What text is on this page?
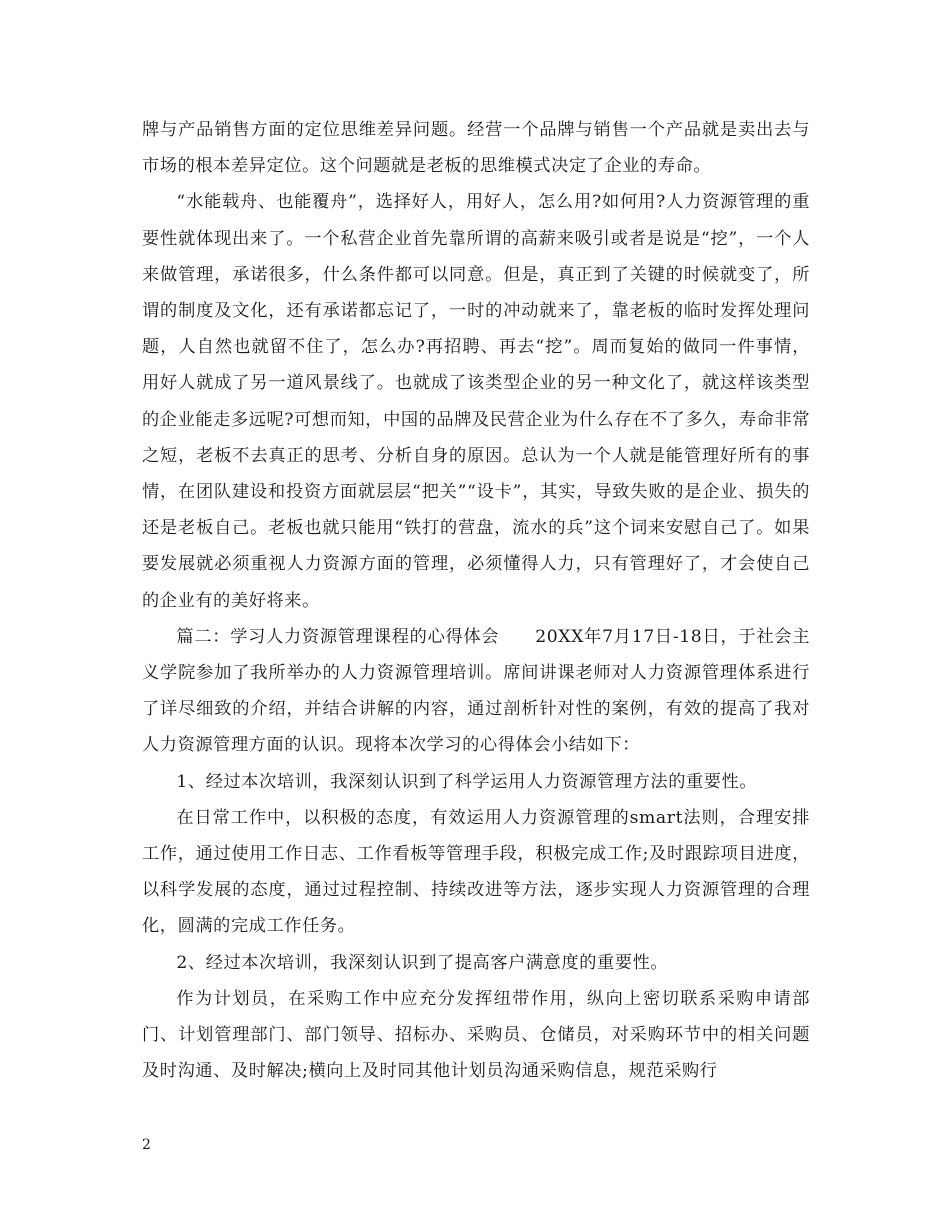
牌与产品销售方面的定位思维差异问题。经营一个品牌与销售一个产品就是卖出去与市场的根本差异定位。这个问题就是老板的思维模式决定了企业的寿命。

“水能载舟、也能覆舟”，选择好人，用好人，怎么用?如何用?人力资源管理的重要性就体现出来了。一个私营企业首先靠所谓的高薪来吸引或者是说是“挖”，一个人来做管理，承诺很多，什么条件都可以同意。但是，真正到了关键的时候就变了，所谓的制度及文化，还有承诺都忘记了，一时的冲动就来了，靠老板的临时发挥处理问题，人自然也就留不住了，怎么办?再招聘、再去“挖”。周而复始的做同一件事情，用好人就成了另一道风景线了。也就成了该类型企业的另一种文化了，就这样该类型的企业能走多远呢?可想而知，中国的品牌及民营企业为什么存在不了多久，寿命非常之短，老板不去真正的思考、分析自身的原因。总认为一个人就是能管理好所有的事情，在团队建设和投资方面就层层“把关”“设卡”，其实，导致失败的是企业、损失的还是老板自己。老板也就只能用“铁打的营盘，流水的兵”这个词来安慰自己了。如果要发展就必须重视人力资源方面的管理，必须懂得人力，只有管理好了，才会使自己的企业有的美好将来。

篇二：学习人力资源管理课程的心得体会　　20XX年7月17日-18日，于社会主义学院参加了我所举办的人力资源管理培训。席间讲课老师对人力资源管理体系进行了详尽细致的介绍，并结合讲解的内容，通过剖析针对性的案例，有效的提高了我对人力资源管理方面的认识。现将本次学习的心得体会小结如下：

1、经过本次培训，我深刻认识到了科学运用人力资源管理方法的重要性。

在日常工作中，以积极的态度，有效运用人力资源管理的smart法则，合理安排工作，通过使用工作日志、工作看板等管理手段，积极完成工作;及时跟踪项目进度，以科学发展的态度，通过过程控制、持续改进等方法，逐步实现人力资源管理的合理化，圆满的完成工作任务。

2、经过本次培训，我深刻认识到了提高客户满意度的重要性。

作为计划员，在采购工作中应充分发挥纽带作用，纵向上密切联系采购申请部门、计划管理部门、部门领导、招标办、采购员、仓储员，对采购环节中的相关问题及时沟通、及时解决;横向上及时同其他计划员沟通采购信息，规范采购行

2
